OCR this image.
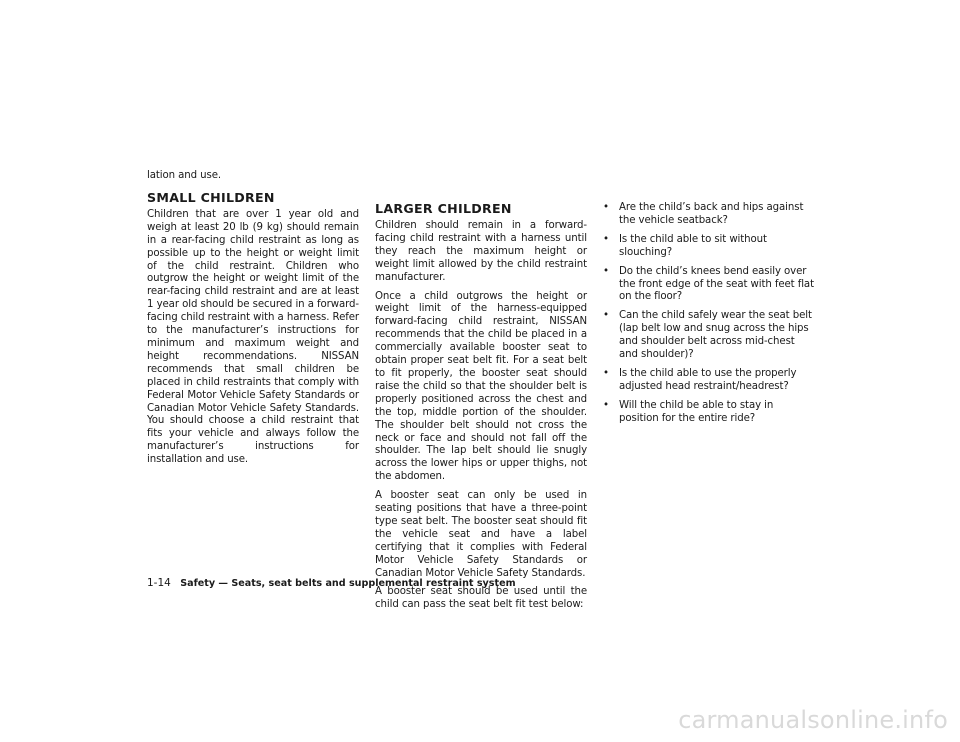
lation and use.

SMALL CHILDREN

Children that are over 1 year old and weigh at least 20 lb (9 kg) should remain in a rear-facing child restraint as long as possible up to the height or weight limit of the child restraint. Children who outgrow the height or weight limit of the rear-facing child restraint and are at least 1 year old should be secured in a forward-facing child restraint with a harness. Refer to the manufacturer’s instructions for minimum and maximum weight and height recommendations. NISSAN recommends that small children be placed in child restraints that comply with Federal Motor Vehicle Safety Standards or Canadian Motor Vehicle Safety Standards. You should choose a child restraint that fits your vehicle and always follow the manufacturer’s instructions for installation and use.

LARGER CHILDREN

Children should remain in a forward-facing child restraint with a harness until they reach the maximum height or weight limit allowed by the child restraint manufacturer.

Once a child outgrows the height or weight limit of the harness-equipped forward-facing child restraint, NISSAN recommends that the child be placed in a commercially available booster seat to obtain proper seat belt fit. For a seat belt to fit properly, the booster seat should raise the child so that the shoulder belt is properly positioned across the chest and the top, middle portion of the shoulder. The shoulder belt should not cross the neck or face and should not fall off the shoulder. The lap belt should lie snugly across the lower hips or upper thighs, not the abdomen.

A booster seat can only be used in seating positions that have a three-point type seat belt. The booster seat should fit the vehicle seat and have a label certifying that it complies with Federal Motor Vehicle Safety Standards or Canadian Motor Vehicle Safety Standards.

A booster seat should be used until the child can pass the seat belt fit test below:

• Are the child’s back and hips against the vehicle seatback?
• Is the child able to sit without slouching?
• Do the child’s knees bend easily over the front edge of the seat with feet flat on the floor?
• Can the child safely wear the seat belt (lap belt low and snug across the hips and shoulder belt across mid-chest and shoulder)?
• Is the child able to use the properly adjusted head restraint/headrest?
• Will the child be able to stay in position for the entire ride?
1-14 Safety — Seats, seat belts and supplemental restraint system
carmanualsonline.info
